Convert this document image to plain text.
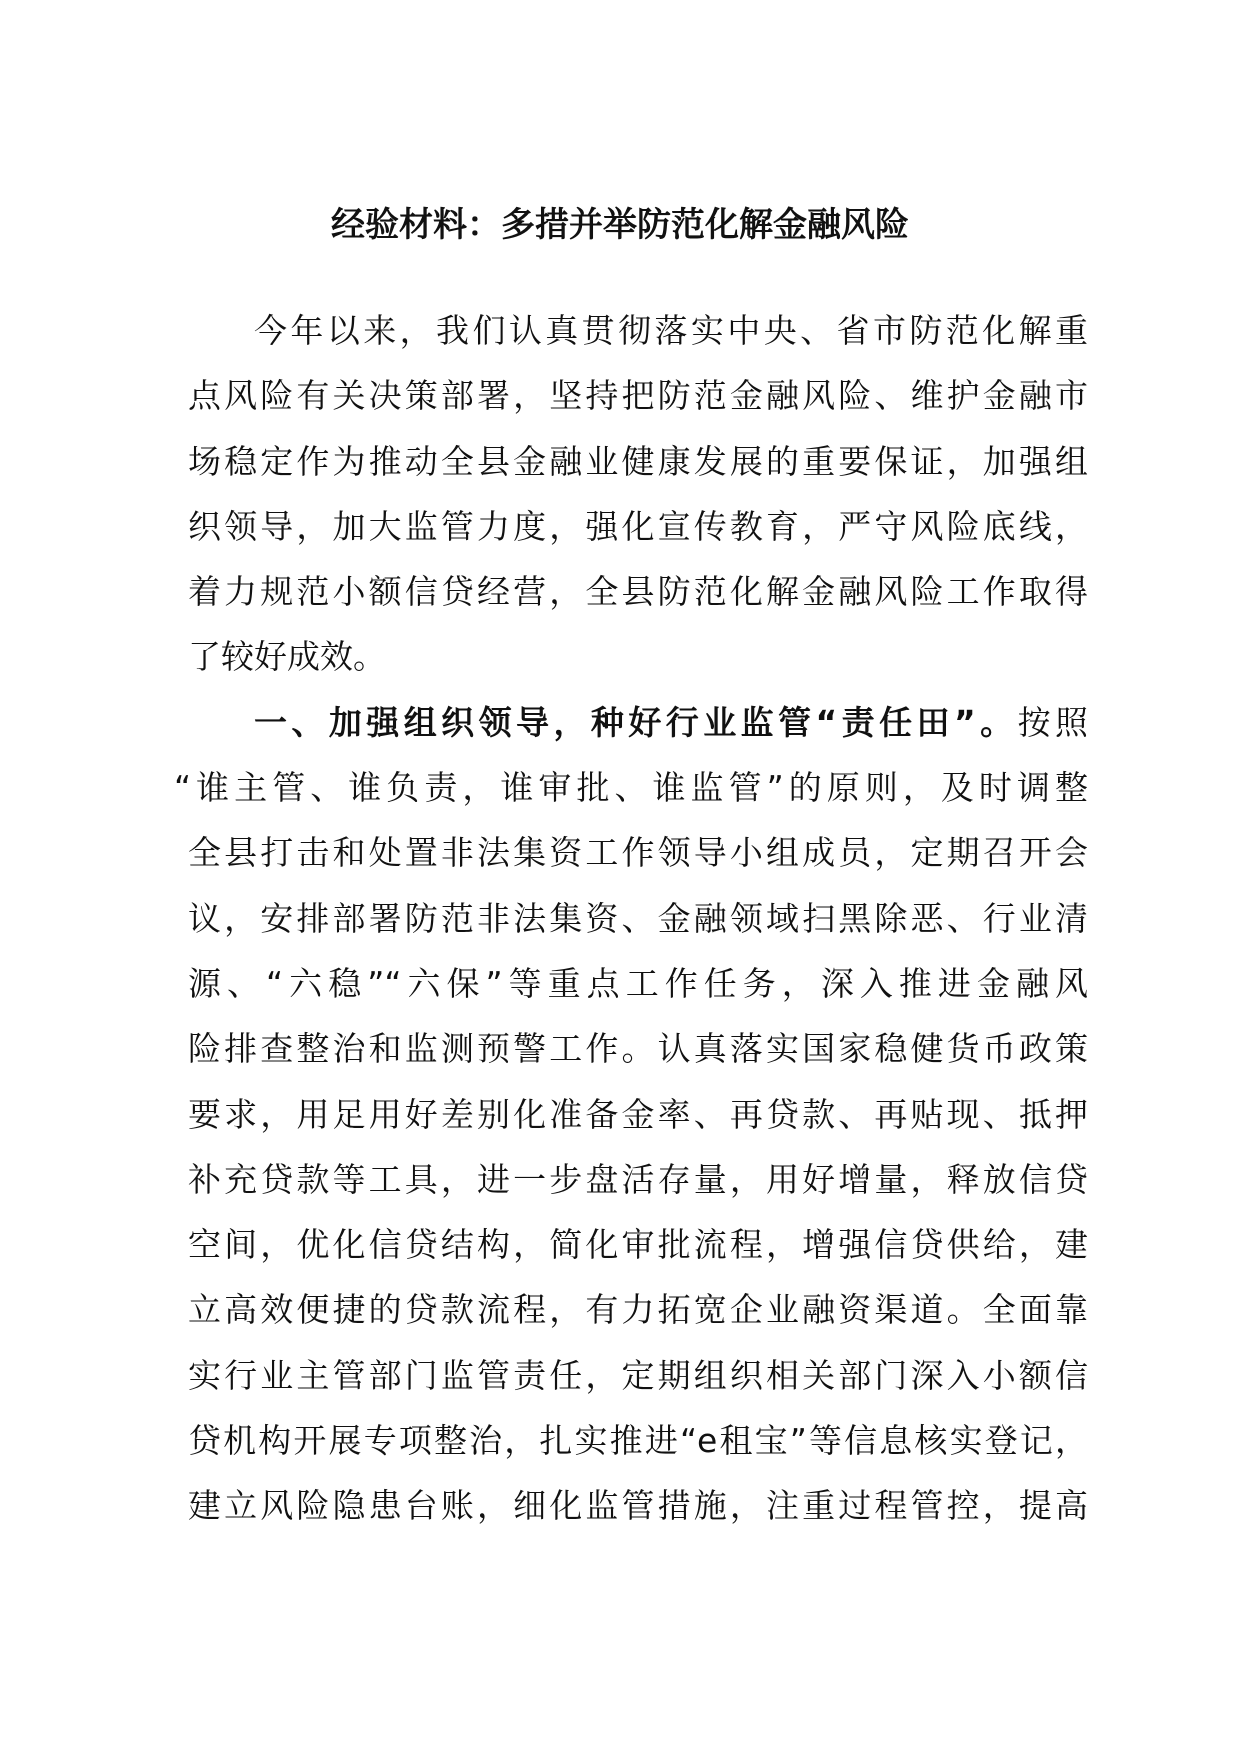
经验材料：多措并举防范化解金融风险
今年以来，我们认真贯彻落实中央、省市防范化解重
点风险有关决策部署，坚持把防范金融风险、维护金融市
场稳定作为推动全县金融业健康发展的重要保证，加强组
织领导，加大监管力度，强化宣传教育，严守风险底线，
着力规范小额信贷经营，全县防范化解金融风险工作取得
了较好成效。
一、加强组织领导，种好行业监管“责任田”。按照
“谁主管、谁负责，谁审批、谁监管”的原则，及时调整
全县打击和处置非法集资工作领导小组成员，定期召开会
议，安排部署防范非法集资、金融领域扫黑除恶、行业清
源、“六稳”“六保”等重点工作任务，深入推进金融风
险排查整治和监测预警工作。认真落实国家稳健货币政策
要求，用足用好差别化准备金率、再贷款、再贴现、抵押
补充贷款等工具，进一步盘活存量，用好增量，释放信贷
空间，优化信贷结构，简化审批流程，增强信贷供给，建
立高效便捷的贷款流程，有力拓宽企业融资渠道。全面靠
实行业主管部门监管责任，定期组织相关部门深入小额信
贷机构开展专项整治，扎实推进“e租宝”等信息核实登记，
建立风险隐患台账，细化监管措施，注重过程管控，提高
